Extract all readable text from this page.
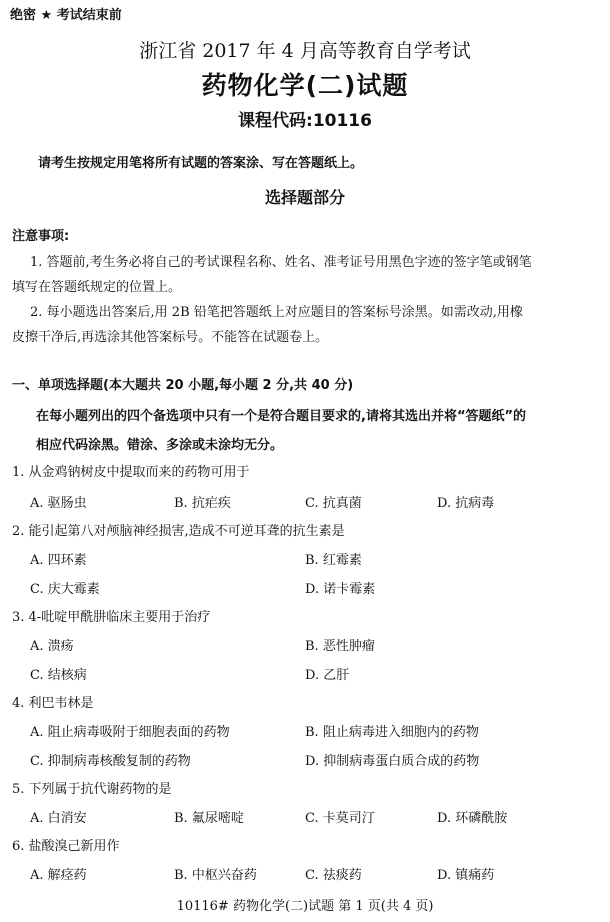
绝密 ★ 考试结束前
浙江省 2017 年 4 月高等教育自学考试
药物化学(二)试题
课程代码:10116
请考生按规定用笔将所有试题的答案涂、写在答题纸上。
选择题部分
注意事项:
1. 答题前,考生务必将自己的考试课程名称、姓名、准考证号用黑色字迹的签字笔或钢笔
填写在答题纸规定的位置上。
2. 每小题选出答案后,用 2B 铅笔把答题纸上对应题目的答案标号涂黑。如需改动,用橡
皮擦干净后,再选涂其他答案标号。不能答在试题卷上。
一、单项选择题(本大题共 20 小题,每小题 2 分,共 40 分)
在每小题列出的四个备选项中只有一个是符合题目要求的,请将其选出并将“答题纸”的
相应代码涂黑。错涂、多涂或未涂均无分。
1. 从金鸡钠树皮中提取而来的药物可用于
A. 驱肠虫	B. 抗疟疾	C. 抗真菌	D. 抗病毒
2. 能引起第八对颅脑神经损害,造成不可逆耳聋的抗生素是
A. 四环素	B. 红霉素
C. 庆大霉素	D. 诺卡霉素
3. 4-吡啶甲酰肼临床主要用于治疗
A. 溃疡	B. 恶性肿瘤
C. 结核病	D. 乙肝
4. 利巴韦林是
A. 阻止病毒吸附于细胞表面的药物	B. 阻止病毒进入细胞内的药物
C. 抑制病毒核酸复制的药物	D. 抑制病毒蛋白质合成的药物
5. 下列属于抗代谢药物的是
A. 白消安	B. 氟尿嘧啶	C. 卡莫司汀	D. 环磷酰胺
6. 盐酸溴己新用作
A. 解痉药	B. 中枢兴奋药	C. 祛痰药	D. 镇痛药
10116# 药物化学(二)试题 第 1 页(共 4 页)
